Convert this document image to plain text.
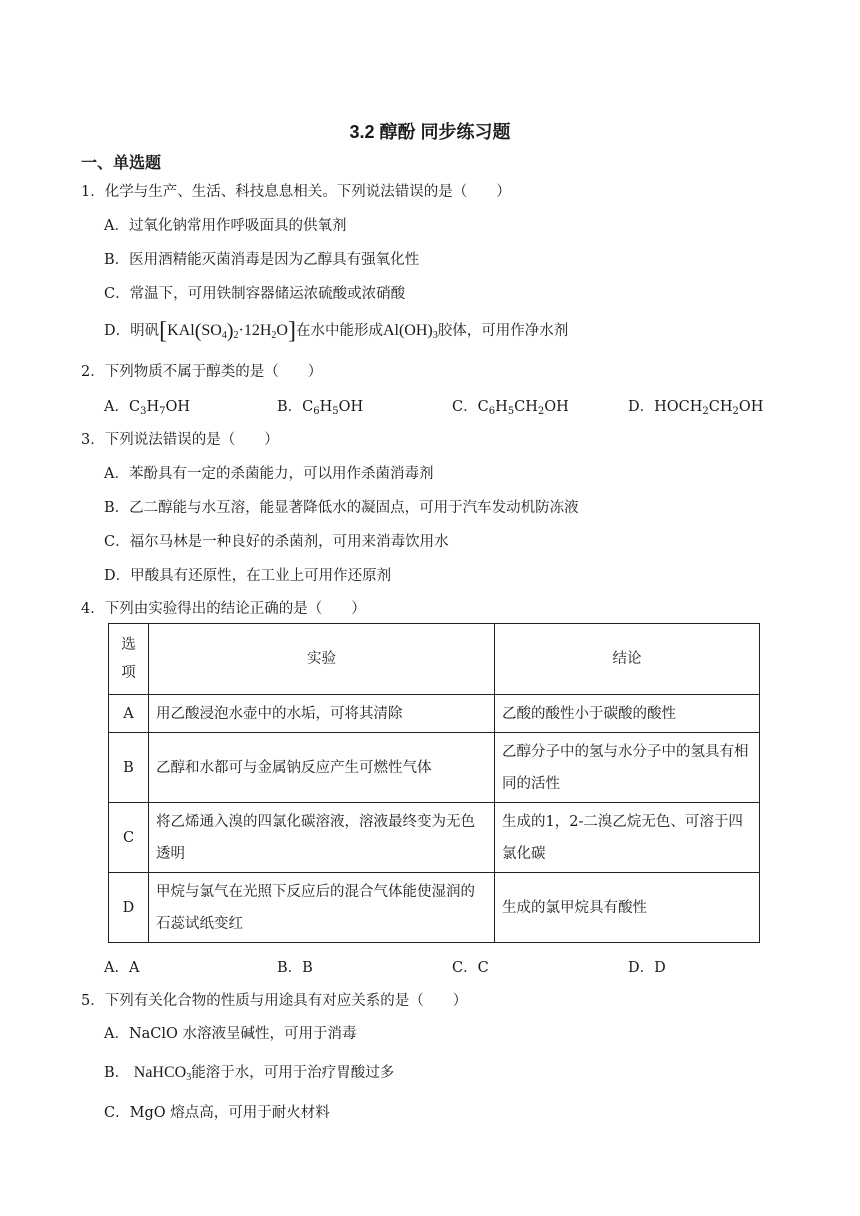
3.2 醇酚 同步练习题
一、单选题
1．化学与生产、生活、科技息息相关。下列说法错误的是（　　）
A．过氧化钠常用作呼吸面具的供氧剂
B．医用酒精能灭菌消毒是因为乙醇具有强氧化性
C．常温下，可用铁制容器储运浓硫酸或浓硝酸
D．明矾$[KAl(SO_4)_2\cdot 12H_2O]$在水中能形成$Al(OH)_3$胶体，可用作净水剂
2．下列物质不属于醇类的是（　　）
A．$C_3H_7OH$	B．$C_6H_5OH$	C．$C_6H_5CH_2OH$	D．$HOCH_2CH_2OH$
3．下列说法错误的是（　　）
A．苯酚具有一定的杀菌能力，可以用作杀菌消毒剂
B．乙二醇能与水互溶，能显著降低水的凝固点，可用于汽车发动机防冻液
C．福尔马林是一种良好的杀菌剂，可用来消毒饮用水
D．甲酸具有还原性，在工业上可用作还原剂
4．下列由实验得出的结论正确的是（　　）
选项	实验	结论
A	用乙酸浸泡水壶中的水垢，可将其清除	乙酸的酸性小于碳酸的酸性
B	乙醇和水都可与金属钠反应产生可燃性气体	乙醇分子中的氢与水分子中的氢具有相同的活性
C	将乙烯通入溴的四氯化碳溶液，溶液最终变为无色透明	生成的1，2-二溴乙烷无色、可溶于四氯化碳
D	甲烷与氯气在光照下反应后的混合气体能使湿润的石蕊试纸变红	生成的氯甲烷具有酸性
A．A	B．B	C．C	D．D
5．下列有关化合物的性质与用途具有对应关系的是（　　）
A．NaClO 水溶液呈碱性，可用于消毒
B． NaHCO$_3$能溶于水，可用于治疗胃酸过多
C．MgO 熔点高，可用于耐火材料
